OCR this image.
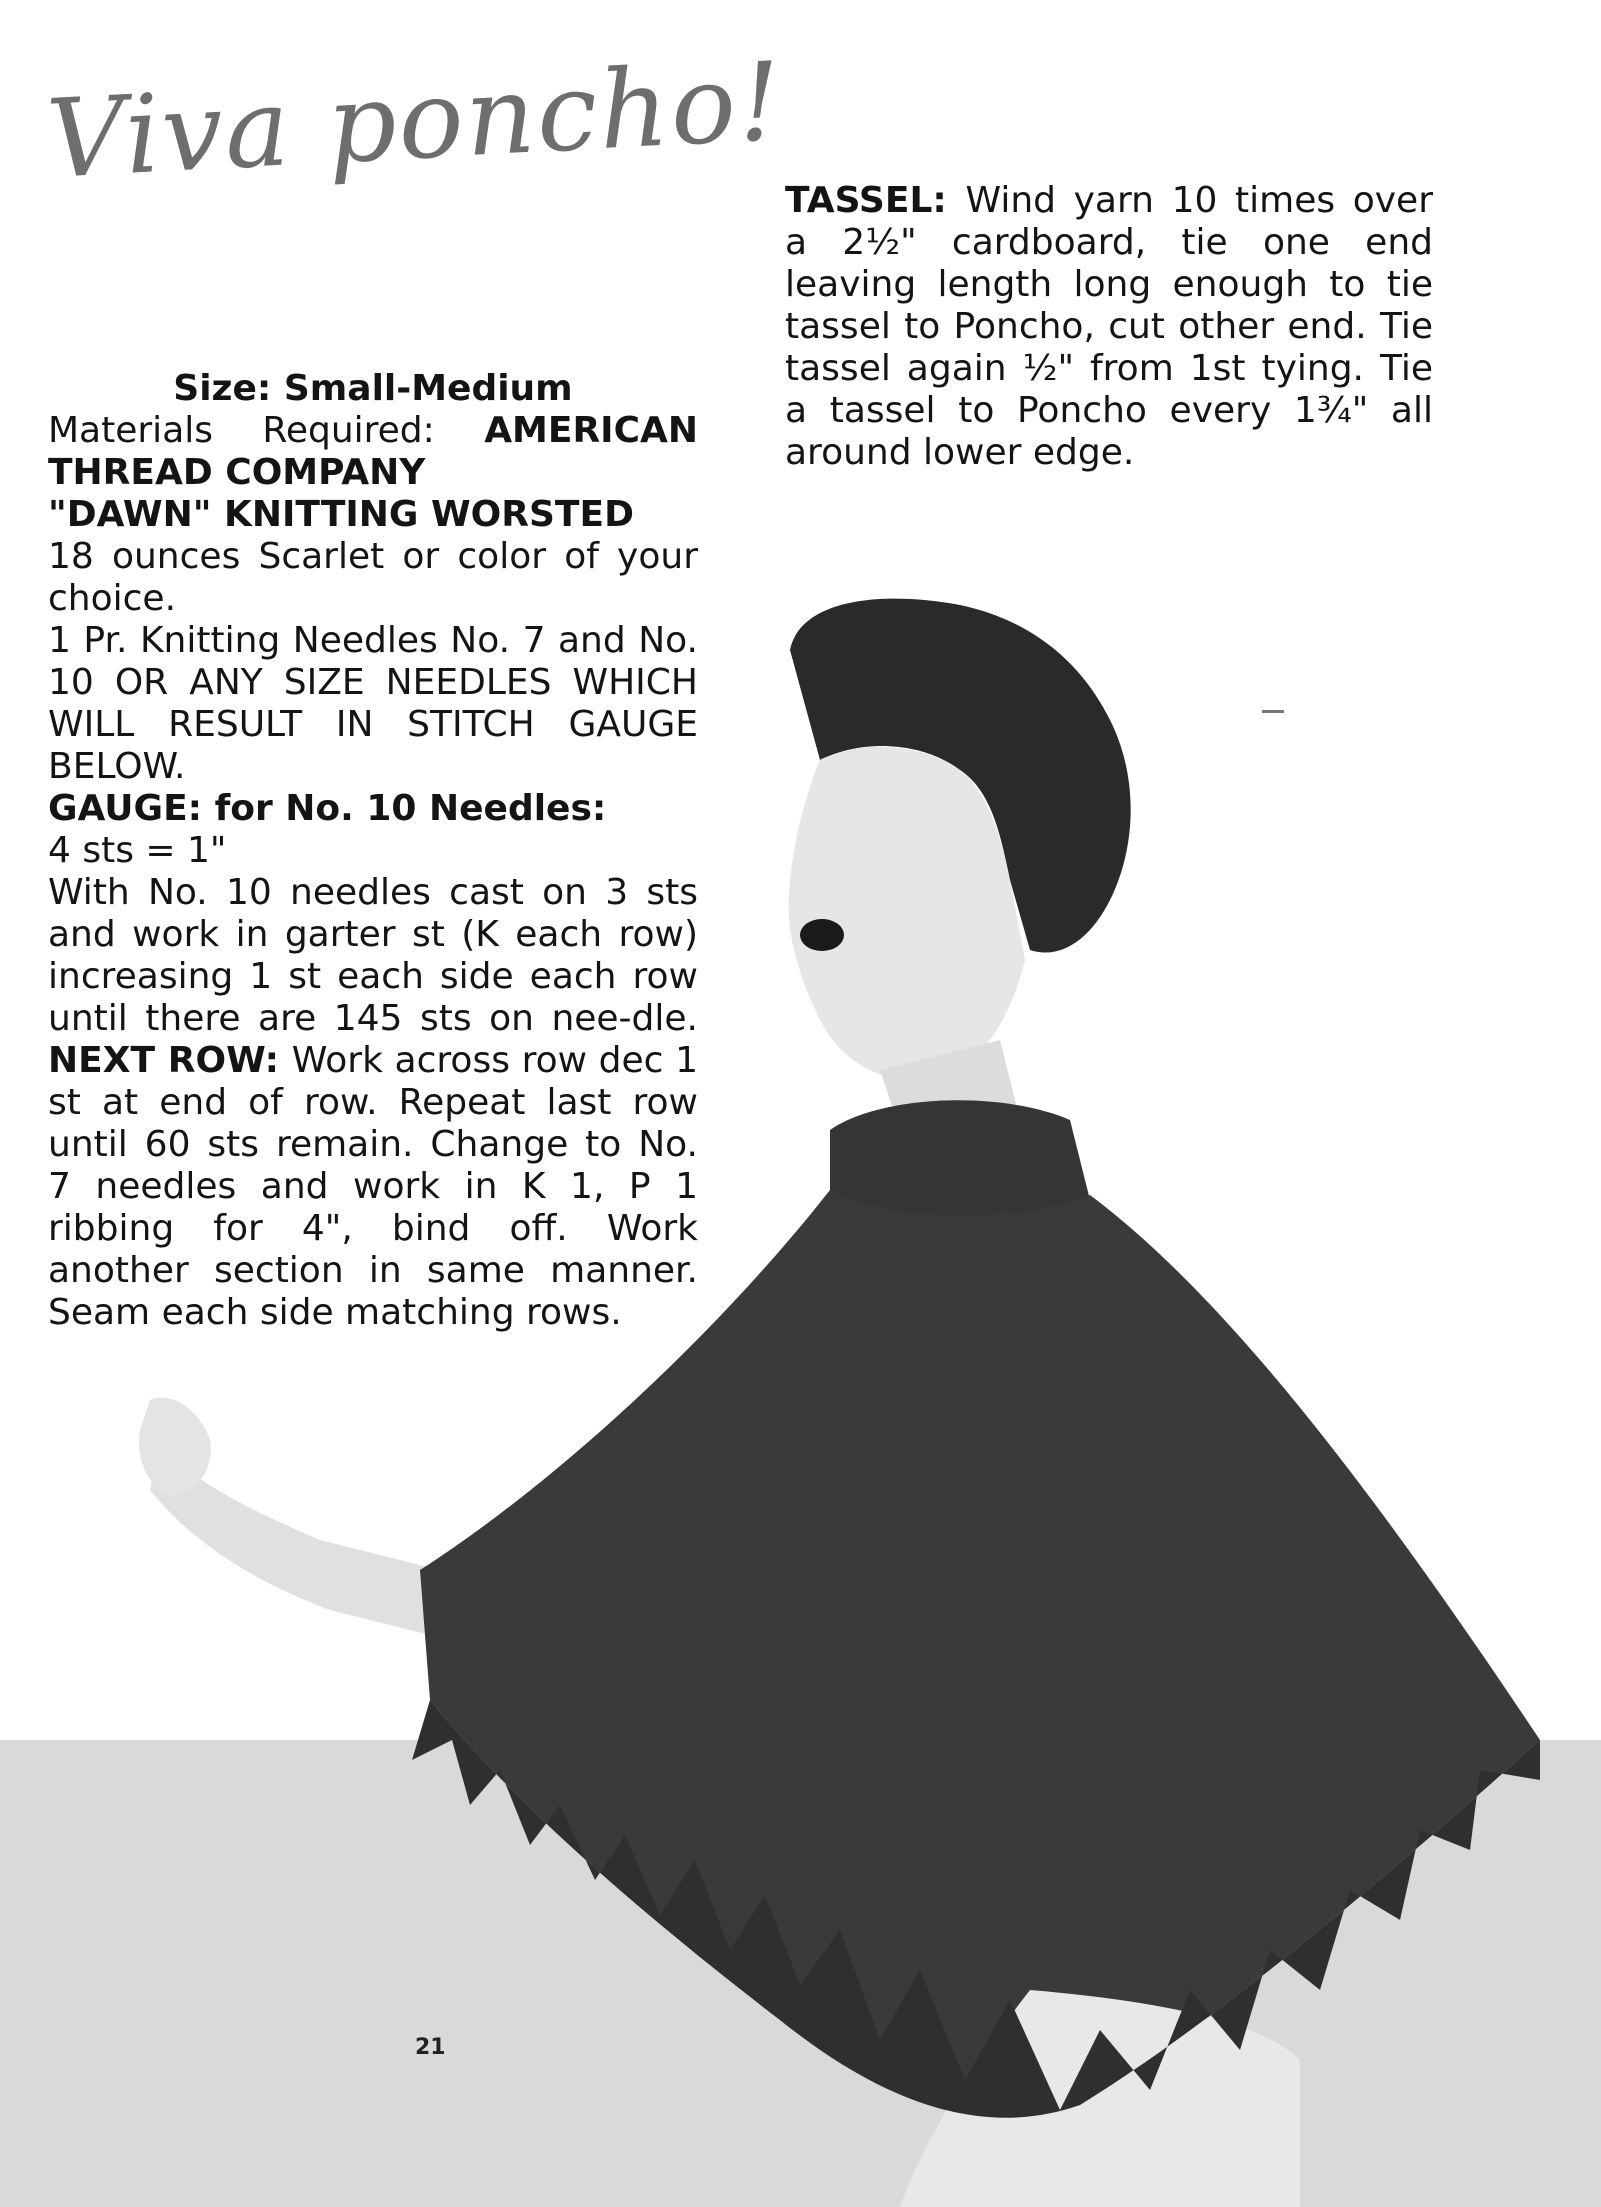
Viva poncho!

Size: Small-Medium

Materials Required: AMERICAN

THREAD COMPANY

"DAWN" KNITTING WORSTED

18 ounces Scarlet or color of your choice.

1 Pr. Knitting Needles No. 7 and No. 10 OR ANY SIZE NEEDLES WHICH WILL RESULT IN STITCH GAUGE BELOW.

GAUGE: for No. 10 Needles:

4 sts = 1"

With No. 10 needles cast on 3 sts and work in garter st (K each row) increasing 1 st each side each row until there are 145 sts on nee-dle. NEXT ROW: Work across row dec 1 st at end of row. Repeat last row until 60 sts remain. Change to No. 7 needles and work in K 1, P 1 ribbing for 4", bind off. Work another section in same manner. Seam each side matching rows.

TASSEL: Wind yarn 10 times over a 2½" cardboard, tie one end leaving length long enough to tie tassel to Poncho, cut other end. Tie tassel again ½" from 1st tying. Tie a tassel to Poncho every 1¾" all around lower edge.

21
